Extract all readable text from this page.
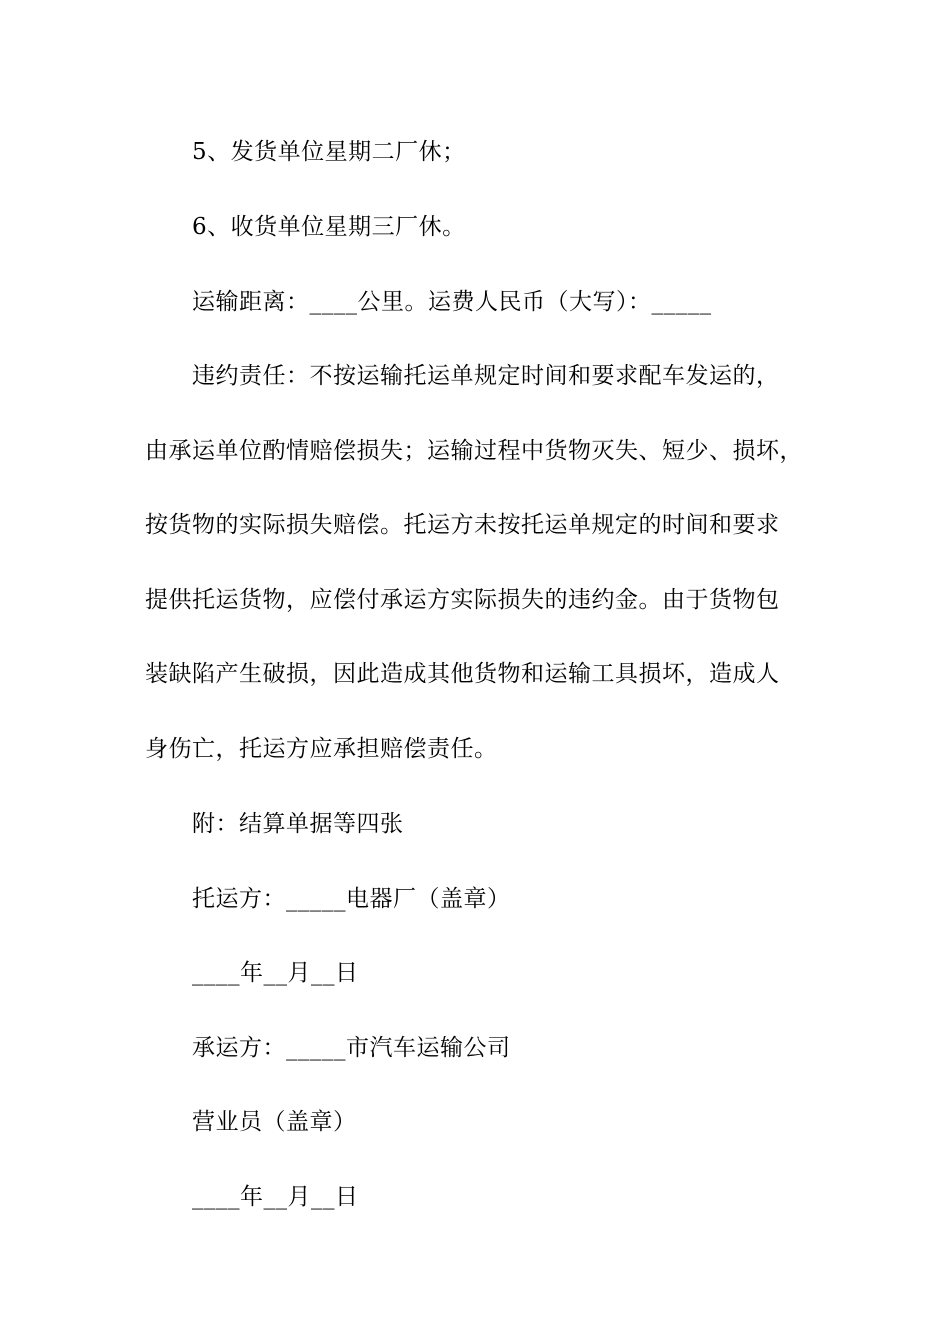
5、发货单位星期二厂休；
6、收货单位星期三厂休。
运输距离：____公里。运费人民币（大写）：_____
违约责任：不按运输托运单规定时间和要求配车发运的，
由承运单位酌情赔偿损失；运输过程中货物灭失、短少、损坏，
按货物的实际损失赔偿。托运方未按托运单规定的时间和要求
提供托运货物，应偿付承运方实际损失的违约金。由于货物包
装缺陷产生破损，因此造成其他货物和运输工具损坏，造成人
身伤亡，托运方应承担赔偿责任。
附：结算单据等四张
托运方：_____电器厂（盖章）
____年__月__日
承运方：_____市汽车运输公司
营业员（盖章）
____年__月__日
